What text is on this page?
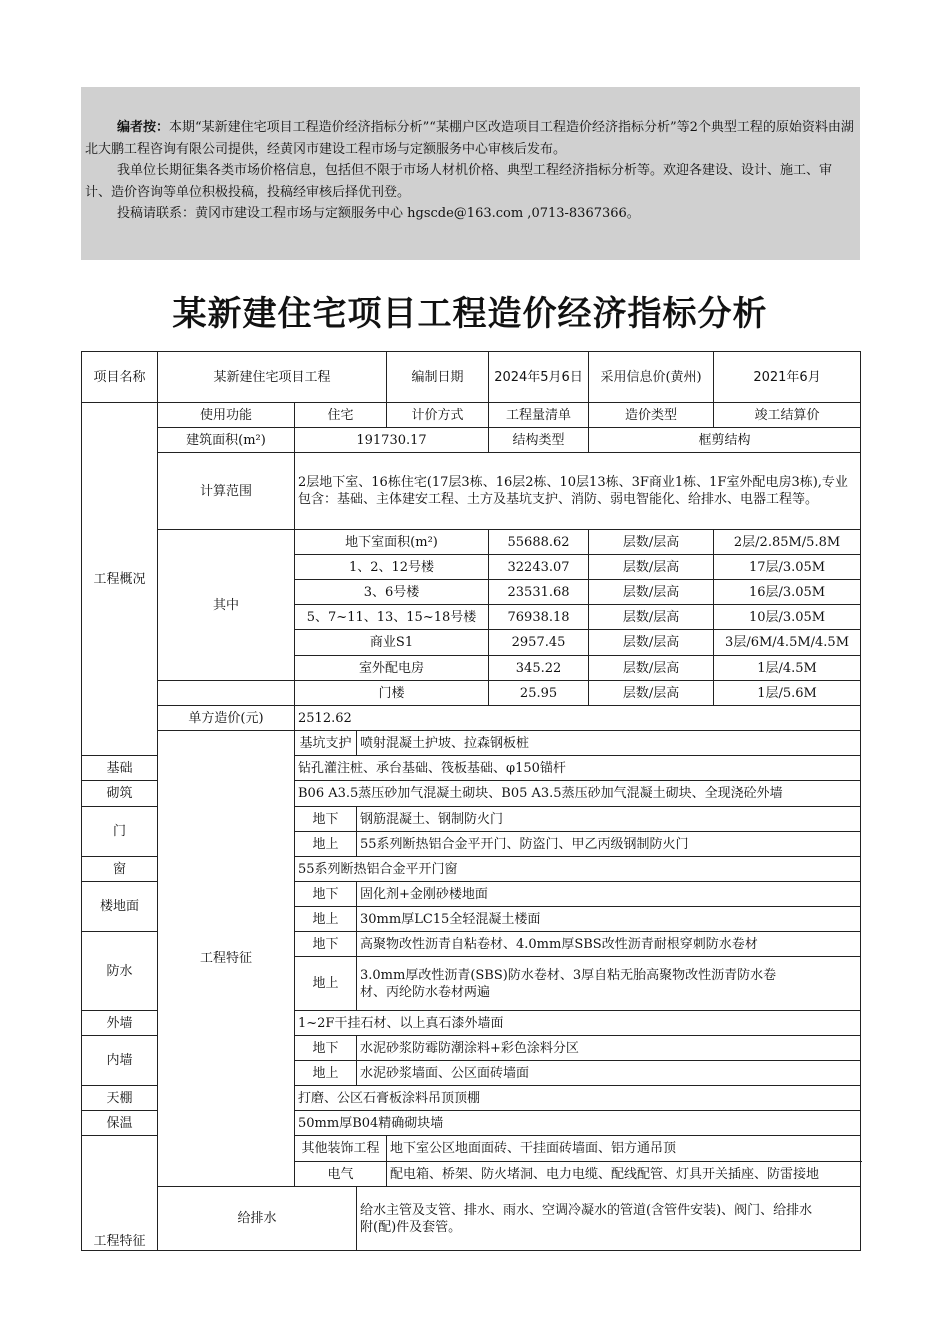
编者按：本期“某新建住宅项目工程造价经济指标分析”“某棚户区改造项目工程造价经济指标分析”等2个典型工程的原始资料由湖北大鹏工程咨询有限公司提供，经黄冈市建设工程市场与定额服务中心审核后发布。

我单位长期征集各类市场价格信息，包括但不限于市场人材机价格、典型工程经济指标分析等。欢迎各建设、设计、施工、审计、造价咨询等单位积极投稿，投稿经审核后择优刊登。

投稿请联系：黄冈市建设工程市场与定额服务中心 hgscde@163.com ,0713-8367366。

某新建住宅项目工程造价经济指标分析
项目名称	某新建住宅项目工程			编制日期	2024年5月6日	采用信息价(黄州)	2021年6月
工程概况	使用功能	住宅		计价方式	工程量清单	造价类型	竣工结算价
	建筑面积(m²)	191730.17			结构类型	框剪结构	
	计算范围	2层地下室、16栋住宅(17层3栋、16层2栋、10层13栋、3F商业1栋、1F室外配电房3栋),专业包含：基础、主体建安工程、土方及基坑支护、消防、弱电智能化、给排水、电器工程等。					
	其中	地下室面积(m²)			55688.62	层数/层高	2层/2.85M/5.8M
		1、2、12号楼			32243.07	层数/层高	17层/3.05M
		3、6号楼			23531.68	层数/层高	16层/3.05M
		5、7~11、13、15~18号楼			76938.18	层数/层高	10层/3.05M
		商业S1			2957.45	层数/层高	3层/6M/4.5M/4.5M
		室外配电房			345.22	层数/层高	1层/4.5M
		门楼			25.95	层数/层高	1层/5.6M
	单方造价(元)	2512.62					
	工程特征	基坑支护	喷射混凝土护坡、拉森钢板桩				
基础		钻孔灌注桩、承台基础、筏板基础、φ150锚杆					
砌筑		B06 A3.5蒸压砂加气混凝土砌块、B05 A3.5蒸压砂加气混凝土砌块、全现浇砼外墙					
门		地下	钢筋混凝土、钢制防火门				
		地上	55系列断热铝合金平开门、防盗门、甲乙丙级钢制防火门				
窗		55系列断热铝合金平开门窗					
楼地面		地下	固化剂+金刚砂楼地面				
		地上	30mm厚LC15全轻混凝土楼面				
防水		地下	高聚物改性沥青自粘卷材、4.0mm厚SBS改性沥青耐根穿刺防水卷材				
		地上	3.0mm厚改性沥青(SBS)防水卷材、3厚自粘无胎高聚物改性沥青防水卷材、丙纶防水卷材两遍				
外墙		1~2F干挂石材、以上真石漆外墙面					
内墙		地下	水泥砂浆防霉防潮涂料+彩色涂料分区				
		地上	水泥砂浆墙面、公区面砖墙面				
天棚		打磨、公区石膏板涂料吊顶顶棚					
保温		50mm厚B04精确砌块墙					
工程特征		其他装饰工程		地下室公区地面面砖、干挂面砖墙面、铝方通吊顶			
		电气		配电箱、桥架、防火堵洞、电力电缆、配线配管、灯具开关插座、防雷接地			
	给排水		给水主管及支管、排水、雨水、空调冷凝水的管道(含管件安装)、阀门、给排水附(配)件及套管。				
